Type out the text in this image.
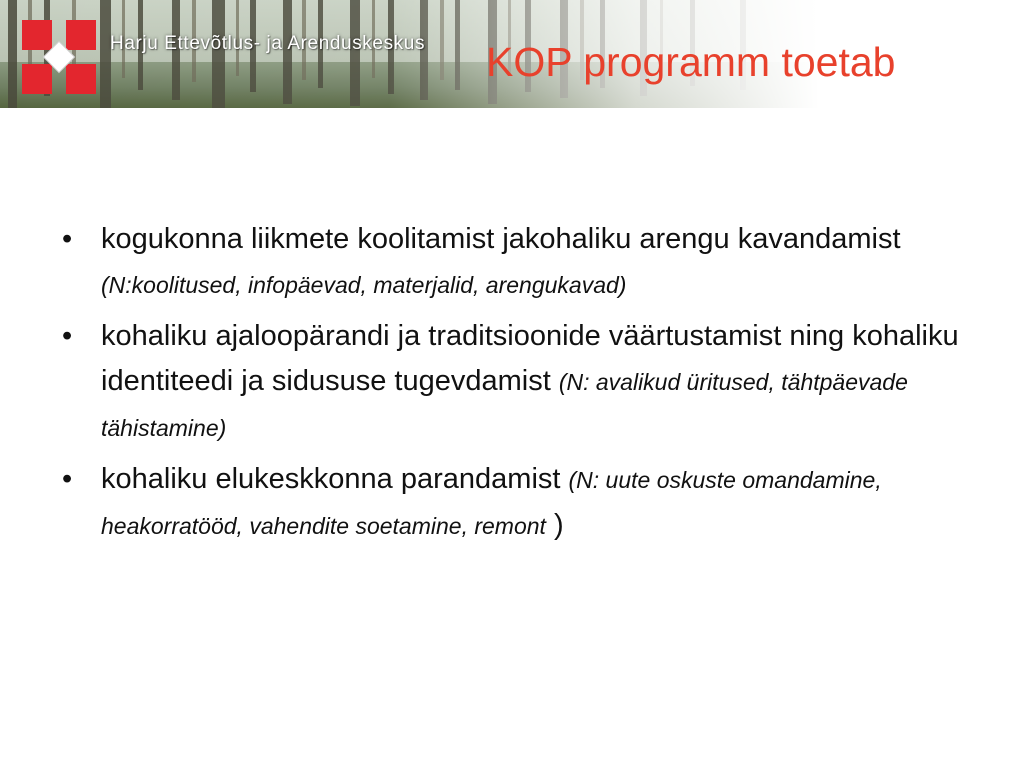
Harju Ettevõtlus- ja Arenduskeskus KOP programm toetab

• kogukonna liikmete koolitamist jakohaliku arengu kavandamist (N:koolitused, infopäevad, materjalid, arengukavad)

• kohaliku ajaloopärandi ja traditsioonide väärtustamist ning kohaliku identiteedi ja sidususe tugevdamist (N: avalikud üritused, tähtpäevade tähistamine)

• kohaliku elukeskkonna parandamist (N: uute oskuste omandamine, heakorratööd, vahendite soetamine, remont )
